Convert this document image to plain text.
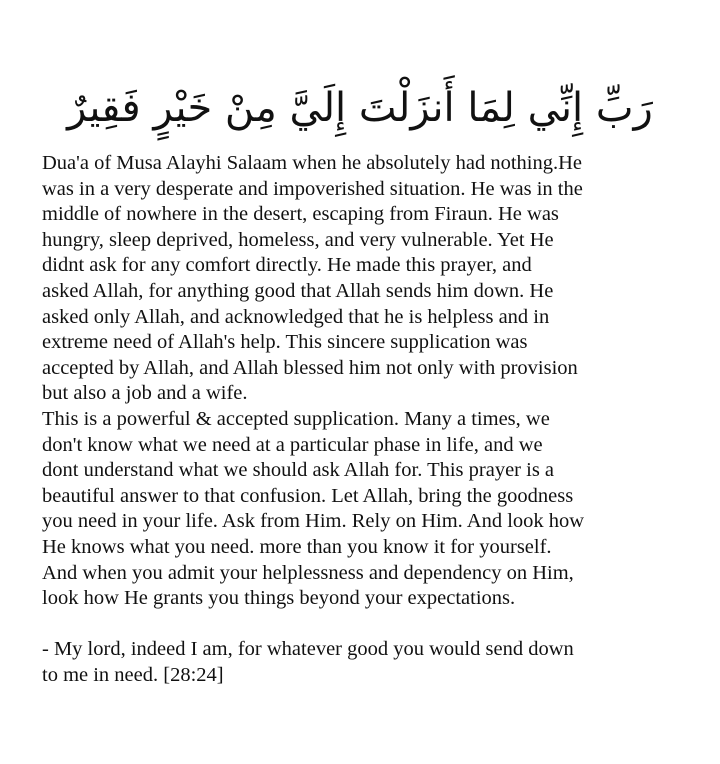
رَبِّ إِنِّي لِمَا أَنزَلْتَ إِلَيَّ مِنْ خَيْرٍ فَقِيرٌ
Dua'a of Musa Alayhi Salaam when he absolutely had nothing.He
was in a very desperate and impoverished situation. He was in the
middle of nowhere in the desert, escaping from Firaun. He was
hungry, sleep deprived, homeless, and very vulnerable. Yet He
didnt ask for any comfort directly. He made this prayer, and
asked Allah, for anything good that Allah sends him down. He
asked only Allah, and acknowledged that he is helpless and in
extreme need of Allah's help. This sincere supplication was
accepted by Allah, and Allah blessed him not only with provision
but also a job and a wife.
This is a powerful & accepted supplication. Many a times, we
don't know what we need at a particular phase in life, and we
dont understand what we should ask Allah for. This prayer is a
beautiful answer to that confusion. Let Allah, bring the goodness
you need in your life. Ask from Him. Rely on Him. And look how
He knows what you need. more than you know it for yourself.
And when you admit your helplessness and dependency on Him,
look how He grants you things beyond your expectations.
- My lord, indeed I am, for whatever good you would send down
to me in need. [28:24]
